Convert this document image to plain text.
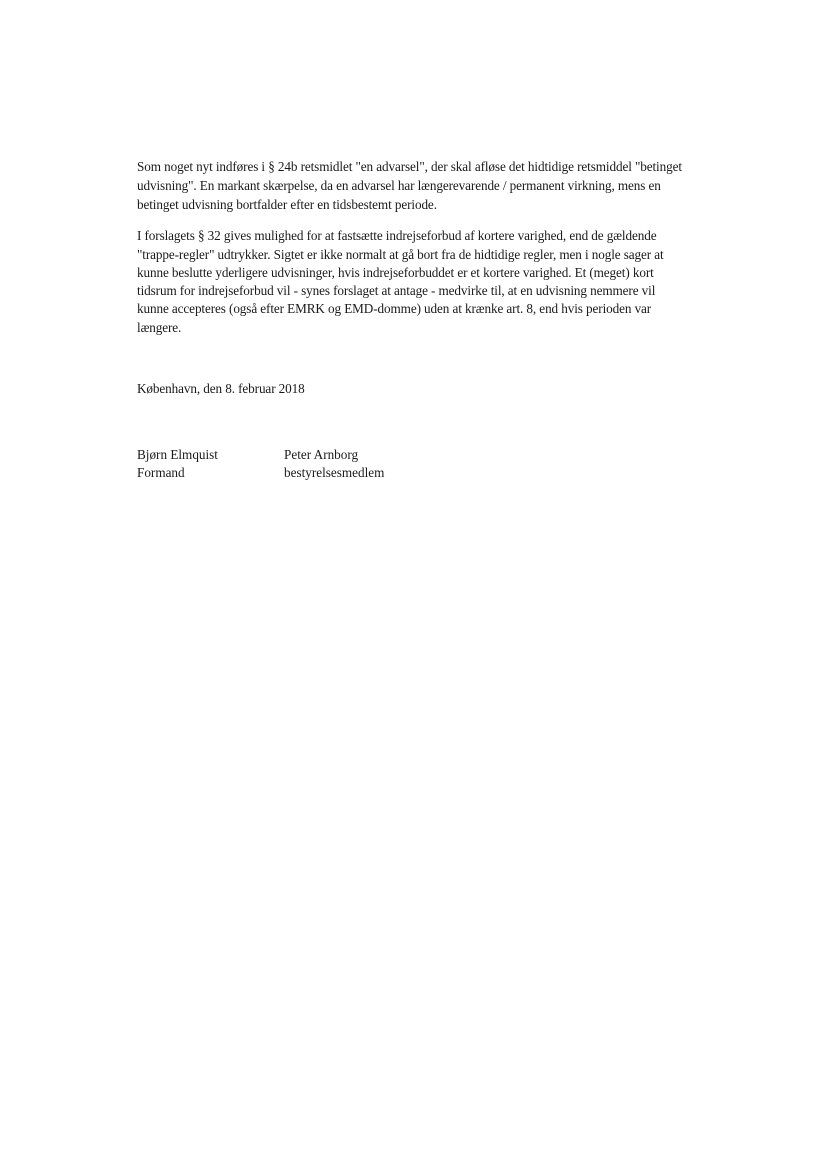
Som noget nyt indføres i § 24b retsmidlet "en advarsel", der skal afløse det hidtidige retsmiddel "betinget
udvisning". En markant skærpelse, da en advarsel har længerevarende / permanent virkning, mens en
betinget udvisning bortfalder efter en tidsbestemt periode.
I forslagets § 32 gives mulighed for at fastsætte indrejseforbud af kortere varighed, end de gældende
"trappe-regler" udtrykker. Sigtet er ikke normalt at gå bort fra de hidtidige regler, men i nogle sager at
kunne beslutte yderligere udvisninger, hvis indrejseforbuddet er et kortere varighed. Et (meget) kort
tidsrum for indrejseforbud vil - synes forslaget at antage - medvirke til, at en udvisning nemmere vil
kunne accepteres (også efter EMRK og EMD-domme) uden at krænke art. 8, end hvis perioden var
længere.
København, den 8. februar 2018
Bjørn Elmquist
Formand
Peter Arnborg
bestyrelsesmedlem
